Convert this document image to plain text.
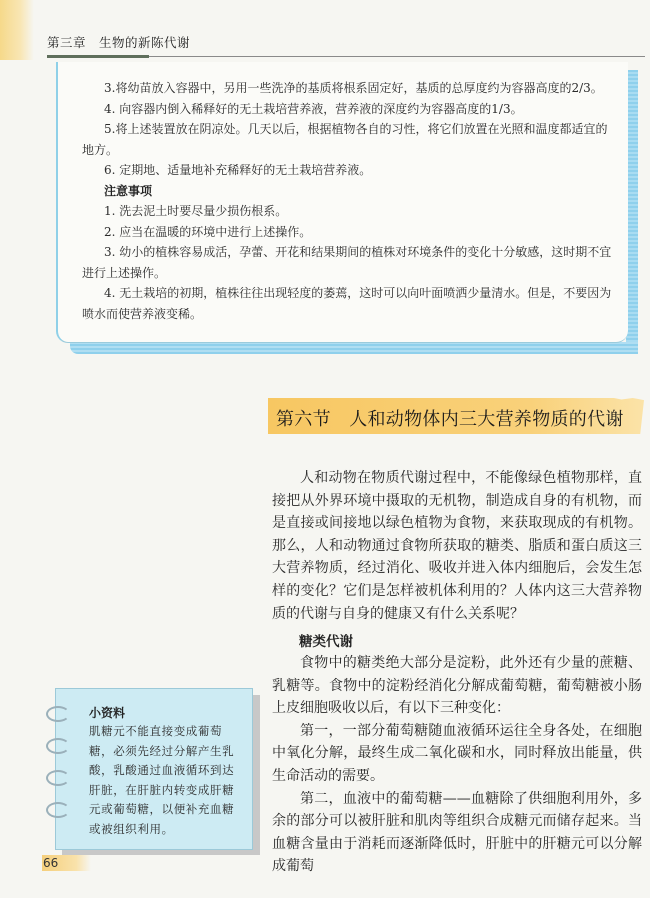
第三章　生物的新陈代谢

3.将幼苗放入容器中，另用一些洗净的基质将根系固定好，基质的总厚度约为容器高度的2/3。

4. 向容器内倒入稀释好的无土栽培营养液，营养液的深度约为容器高度的1/3。

5.将上述装置放在阴凉处。几天以后，根据植物各自的习性，将它们放置在光照和温度都适宜的地方。

6. 定期地、适量地补充稀释好的无土栽培营养液。

注意事项

1. 洗去泥土时要尽量少损伤根系。

2. 应当在温暖的环境中进行上述操作。

3. 幼小的植株容易成活，孕蕾、开花和结果期间的植株对环境条件的变化十分敏感，这时期不宜进行上述操作。

4. 无土栽培的初期，植株往往出现轻度的萎蔫，这时可以向叶面喷洒少量清水。但是，不要因为喷水而使营养液变稀。

第六节　人和动物体内三大营养物质的代谢

人和动物在物质代谢过程中，不能像绿色植物那样，直接把从外界环境中摄取的无机物，制造成自身的有机物，而是直接或间接地以绿色植物为食物，来获取现成的有机物。那么，人和动物通过食物所获取的糖类、脂质和蛋白质这三大营养物质，经过消化、吸收并进入体内细胞后，会发生怎样的变化？它们是怎样被机体利用的？人体内这三大营养物质的代谢与自身的健康又有什么关系呢？

糖类代谢

食物中的糖类绝大部分是淀粉，此外还有少量的蔗糖、乳糖等。食物中的淀粉经消化分解成葡萄糖，葡萄糖被小肠上皮细胞吸收以后，有以下三种变化：

第一，一部分葡萄糖随血液循环运往全身各处，在细胞中氧化分解，最终生成二氧化碳和水，同时释放出能量，供生命活动的需要。

第二，血液中的葡萄糖——血糖除了供细胞利用外，多余的部分可以被肝脏和肌肉等组织合成糖元而储存起来。当血糖含量由于消耗而逐渐降低时，肝脏中的肝糖元可以分解成葡萄

小资料
肌糖元不能直接变成葡萄糖，必须先经过分解产生乳酸，乳酸通过血液循环到达肝脏，在肝脏内转变成肝糖元或葡萄糖，以便补充血糖或被组织利用。
66
